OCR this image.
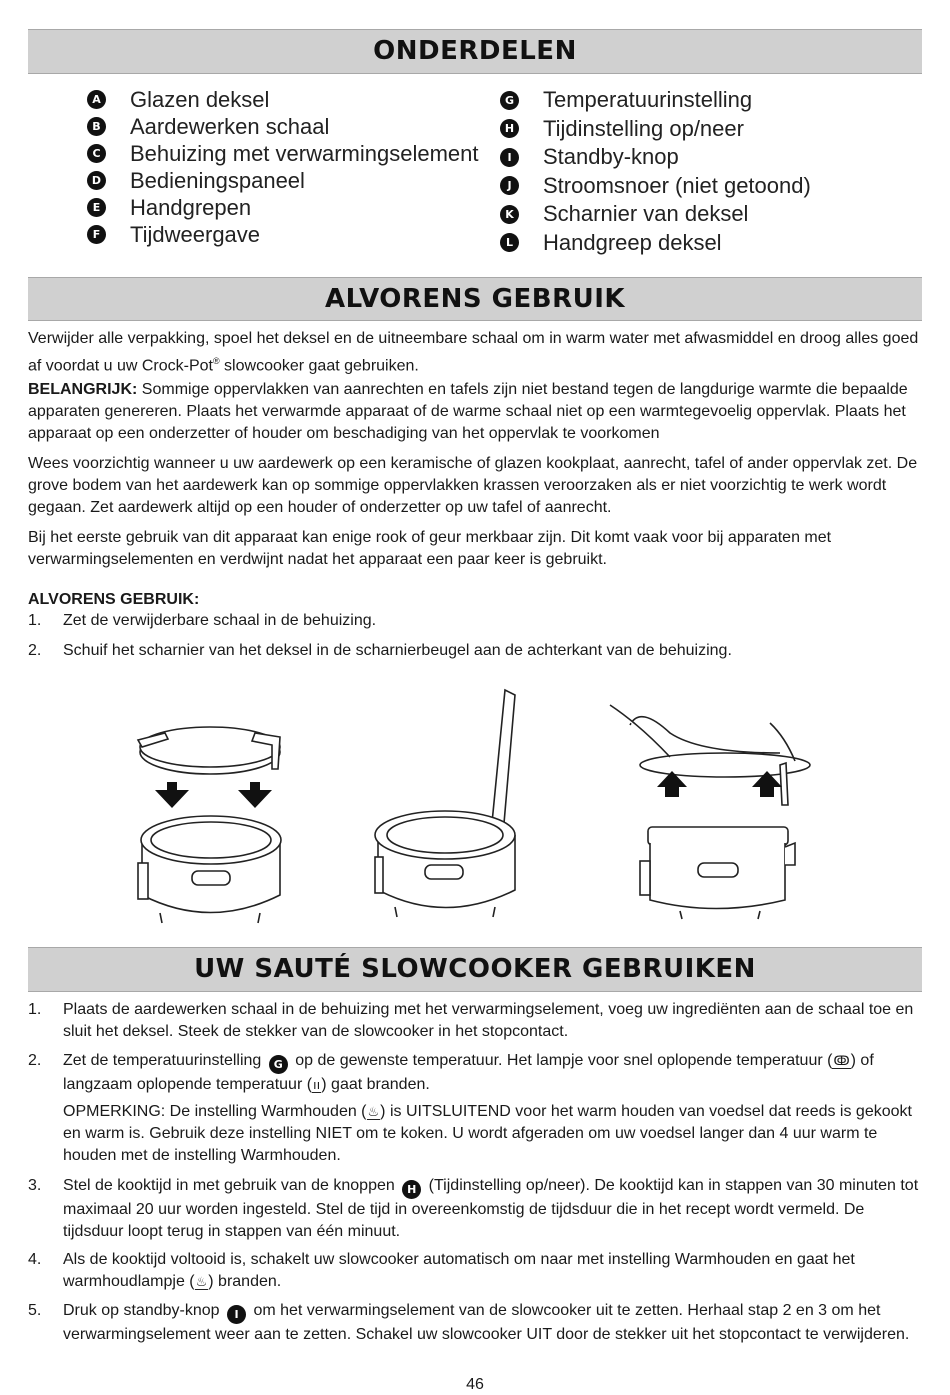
ONDERDELEN
A Glazen deksel
B Aardewerken schaal
C Behuizing met verwarmingselement
D Bedieningspaneel
E Handgrepen
F Tijdweergave
G Temperatuurinstelling
H Tijdinstelling op/neer
I	Standby-knop
J	Stroomsnoer (niet getoond)
K Scharnier van deksel
L Handgreep deksel
ALVORENS GEBRUIK

Verwijder alle verpakking, spoel het deksel en de uitneembare schaal om in warm water met afwasmiddel en droog alles goed af voordat u uw Crock-Pot® slowcooker gaat gebruiken.

BELANGRIJK: Sommige oppervlakken van aanrechten en tafels zijn niet bestand tegen de langdurige warmte die bepaalde apparaten genereren. Plaats het verwarmde apparaat of de warme schaal niet op een warmtegevoelig oppervlak. Plaats het apparaat op een onderzetter of houder om beschadiging van het oppervlak te voorkomen

Wees voorzichtig wanneer u uw aardewerk op een keramische of glazen kookplaat, aanrecht, tafel of ander oppervlak zet. De grove bodem van het aardewerk kan op sommige oppervlakken krassen veroorzaken als er niet voorzichtig te werk wordt gegaan. Zet aardewerk altijd op een houder of onderzetter op uw tafel of aanrecht.

Bij het eerste gebruik van dit apparaat kan enige rook of geur merkbaar zijn. Dit komt vaak voor bij apparaten met verwarmingselementen en verdwijnt nadat het apparaat een paar keer is gebruikt.

ALVORENS GEBRUIK:

1. Zet de verwijderbare schaal in de behuizing.
2. Schuif het scharnier van het deksel in de scharnierbeugel aan de achterkant van de behuizing.
UW SAUTÉ SLOWCOOKER GEBRUIKEN
1. Plaats de aardewerken schaal in de behuizing met het verwarmingselement, voeg uw ingrediënten aan de schaal toe en sluit het deksel. Steek de stekker van de slowcooker in het stopcontact.
2. Zet de temperatuurinstelling G op de gewenste temperatuur. Het lampje voor snel oplopende temperatuur (ↂ) of langzaam oplopende temperatuur (ıı) gaat branden.
OPMERKING: De instelling Warmhouden (♨) is UITSLUITEND voor het warm houden van voedsel dat reeds is gekookt en warm is. Gebruik deze instelling NIET om te koken. U wordt afgeraden om uw voedsel langer dan 4 uur warm te houden met de instelling Warmhouden.
3. Stel de kooktijd in met gebruik van de knoppen H (Tijdinstelling op/neer). De kooktijd kan in stappen van 30 minuten tot maximaal 20 uur worden ingesteld. Stel de tijd in overeenkomstig de tijdsduur die in het recept wordt vermeld. De tijdsduur loopt terug in stappen van één minuut.
4. Als de kooktijd voltooid is, schakelt uw slowcooker automatisch om naar met instelling Warmhouden en gaat het warmhoudlampje (♨) branden.
5. Druk op standby-knop I om het verwarmingselement van de slowcooker uit te zetten. Herhaal stap 2 en 3 om het verwarmingselement weer aan te zetten. Schakel uw slowcooker UIT door de stekker uit het stopcontact te verwijderen.
46
